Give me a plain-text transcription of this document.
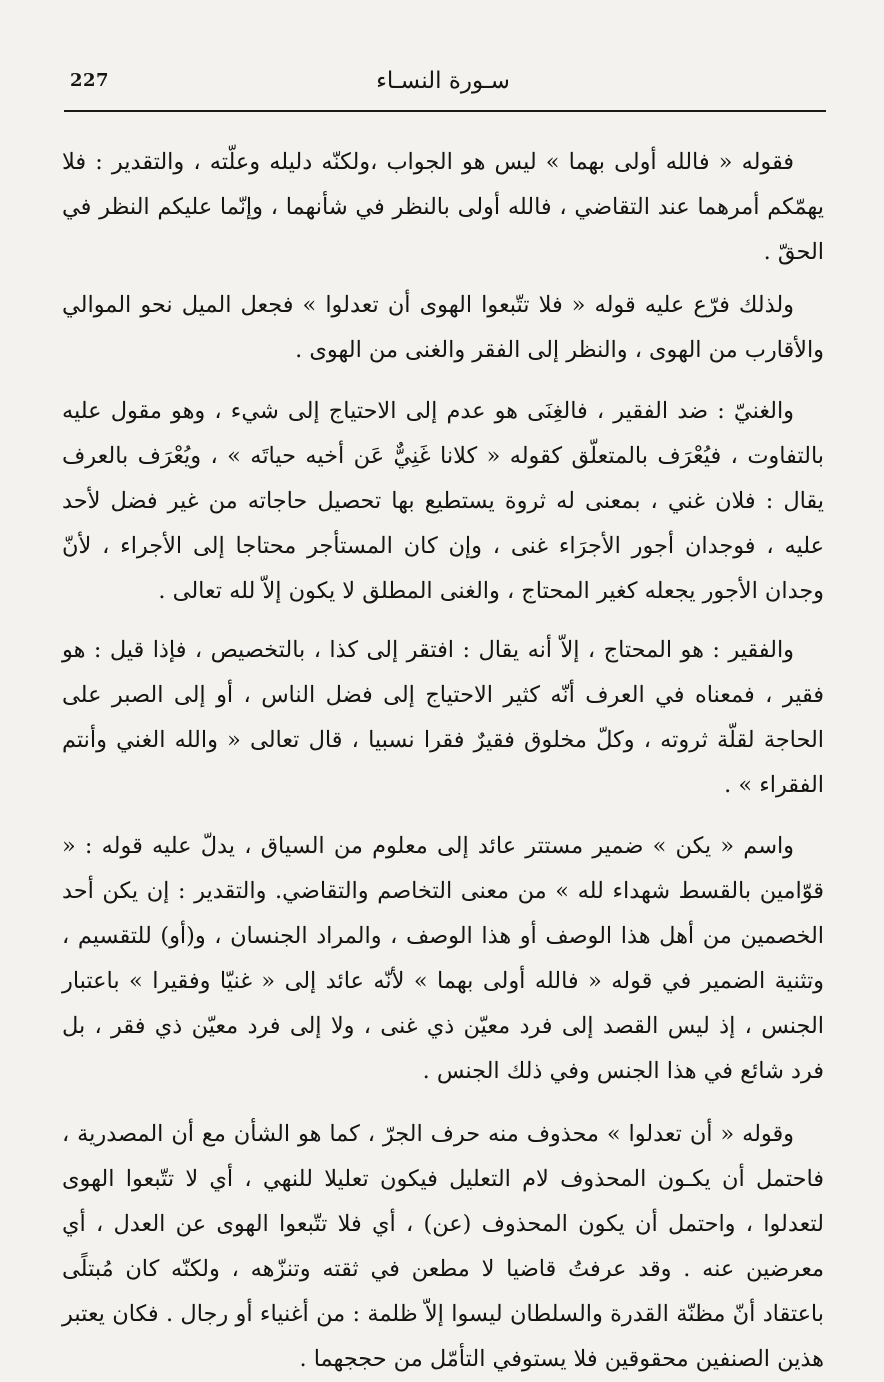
227	سـورة النسـاء

فقوله « فالله أولى بهما » ليس هو الجواب ،ولكنّه دليله وعلّته ، والتقدير : فلا يهمّكم أمرهما عند التقاضي ، فالله أولى بالنظر في شأنهما ، وإنّما عليكم النظر في الحقّ .

ولذلك فرّع عليه قوله « فلا تتّبعوا الهوى أن تعدلوا » فجعل الميل نحو الموالي والأقارب من الهوى ، والنظر إلى الفقر والغنى من الهوى .

والغنيّ : ضد الفقير ، فالغِنَى هو عدم إلى الاحتياج إلى شيء ، وهو مقول عليه بالتفاوت ، فيُعْرَف بالمتعلّق كقوله « كلانا غَنِيٌّ عَن أخيه حياتَه » ، ويُعْرَف بالعرف يقال : فلان غني ، بمعنى له ثروة يستطيع بها تحصيل حاجاته من غير فضل لأحد عليه ، فوجدان أجور الأجرَاء غنى ، وإن كان المستأجر محتاجا إلى الأجراء ، لأنّ وجدان الأجور يجعله كغير المحتاج ، والغنى المطلق لا يكون إلاّ لله تعالى .

والفقير : هو المحتاج ، إلاّ أنه يقال : افتقر إلى كذا ، بالتخصيص ، فإذا قيل : هو فقير ، فمعناه في العرف أنّه كثير الاحتياج إلى فضل الناس ، أو إلى الصبر على الحاجة لقلّة ثروته ، وكلّ مخلوق فقيرٌ فقرا نسبيا ، قال تعالى « والله الغني وأنتم الفقراء » .

واسم « يكن » ضمير مستتر عائد إلى معلوم من السياق ، يدلّ عليه قوله : « قوّامين بالقسط شهداء لله » من معنى التخاصم والتقاضي. والتقدير : إن يكن أحد الخصمين من أهل هذا الوصف أو هذا الوصف ، والمراد الجنسان ، و(أو) للتقسيم ، وتثنية الضمير في قوله « فالله أولى بهما » لأنّه عائد إلى « غنيّا وفقيرا » باعتبار الجنس ، إذ ليس القصد إلى فرد معيّن ذي غنى ، ولا إلى فرد معيّن ذي فقر ، بل فرد شائع في هذا الجنس وفي ذلك الجنس .

وقوله « أن تعدلوا » محذوف منه حرف الجرّ ، كما هو الشأن مع أن المصدرية ، فاحتمل أن يكـون المحذوف لام التعليل فيكون تعليلا للنهي ، أي لا تتّبعوا الهوى لتعدلوا ، واحتمل أن يكون المحذوف (عن) ، أي فلا تتّبعوا الهوى عن العدل ، أي معرضين عنه . وقد عرفتُ قاضيا لا مطعن في ثقته وتنزّهه ، ولكنّه كان مُبتلًى باعتقاد أنّ مظنّة القدرة والسلطان ليسوا إلاّ ظلمة : من أغنياء أو رجال . فكان يعتبر هذين الصنفين محقوقين فلا يستوفي التأمّل من حججهما .
